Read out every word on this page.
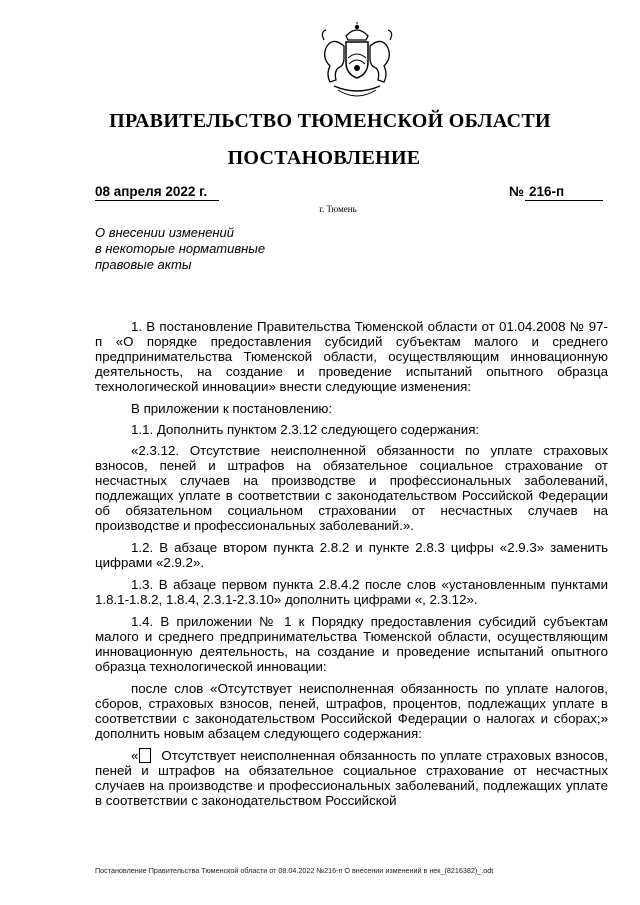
ПРАВИТЕЛЬСТВО ТЮМЕНСКОЙ ОБЛАСТИ
ПОСТАНОВЛЕНИЕ
08 апреля 2022 г.	№ 216-п
г. Тюмень
О внесении изменений
в некоторые нормативные
правовые акты

1. В постановление Правительства Тюменской области от 01.04.2008 № 97-п «О порядке предоставления субсидий субъектам малого и среднего предпринимательства Тюменской области, осуществляющим инновационную деятельность, на создание и проведение испытаний опытного образца технологической инновации» внести следующие изменения:

В приложении к постановлению:

1.1. Дополнить пунктом 2.3.12 следующего содержания:

«2.3.12. Отсутствие неисполненной обязанности по уплате страховых взносов, пеней и штрафов на обязательное социальное страхование от несчастных случаев на производстве и профессиональных заболеваний, подлежащих уплате в соответствии с законодательством Российской Федерации об обязательном социальном страховании от несчастных случаев на производстве и профессиональных заболеваний.».

1.2. В абзаце втором пункта 2.8.2 и пункте 2.8.3 цифры «2.9.3» заменить цифрами «2.9.2».

1.3. В абзаце первом пункта 2.8.4.2 после слов «установленным пунктами 1.8.1-1.8.2, 1.8.4, 2.3.1-2.3.10» дополнить цифрами «, 2.3.12».

1.4. В приложении № 1 к Порядку предоставления субсидий субъектам малого и среднего предпринимательства Тюменской области, осуществляющим инновационную деятельность, на создание и проведение испытаний опытного образца технологической инновации:

после слов «Отсутствует неисполненная обязанность по уплате налогов, сборов, страховых взносов, пеней, штрафов, процентов, подлежащих уплате в соответствии с законодательством Российской Федерации о налогах и сборах;» дополнить новым абзацем следующего содержания:

« Отсутствует неисполненная обязанность по уплате страховых взносов, пеней и штрафов на обязательное социальное страхование от несчастных случаев на производстве и профессиональных заболеваний, подлежащих уплате в соответствии с законодательством Российской

Постановление Правительства Тюменской области от 08.04.2022 №216-п О внесении изменений в нек_(8216382)_.odt
